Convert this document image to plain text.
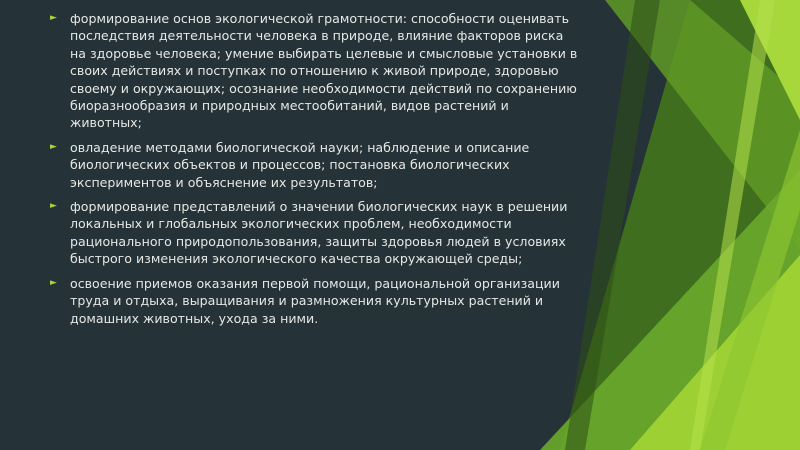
► формирование основ экологической грамотности: способности оценивать
последствия деятельности человека в природе, влияние факторов риска
на здоровье человека; умение выбирать целевые и смысловые установки в
своих действиях и поступках по отношению к живой природе, здоровью
своему и окружающих; осознание необходимости действий по сохранению
биоразнообразия и природных местообитаний, видов растений и
животных;
► овладение методами биологической науки; наблюдение и описание
биологических объектов и процессов; постановка биологических
экспериментов и объяснение их результатов;
► формирование представлений о значении биологических наук в решении
локальных и глобальных экологических проблем, необходимости
рационального природопользования, защиты здоровья людей в условиях
быстрого изменения экологического качества окружающей среды;
► освоение приемов оказания первой помощи, рациональной организации
труда и отдыха, выращивания и размножения культурных растений и
домашних животных, ухода за ними.
